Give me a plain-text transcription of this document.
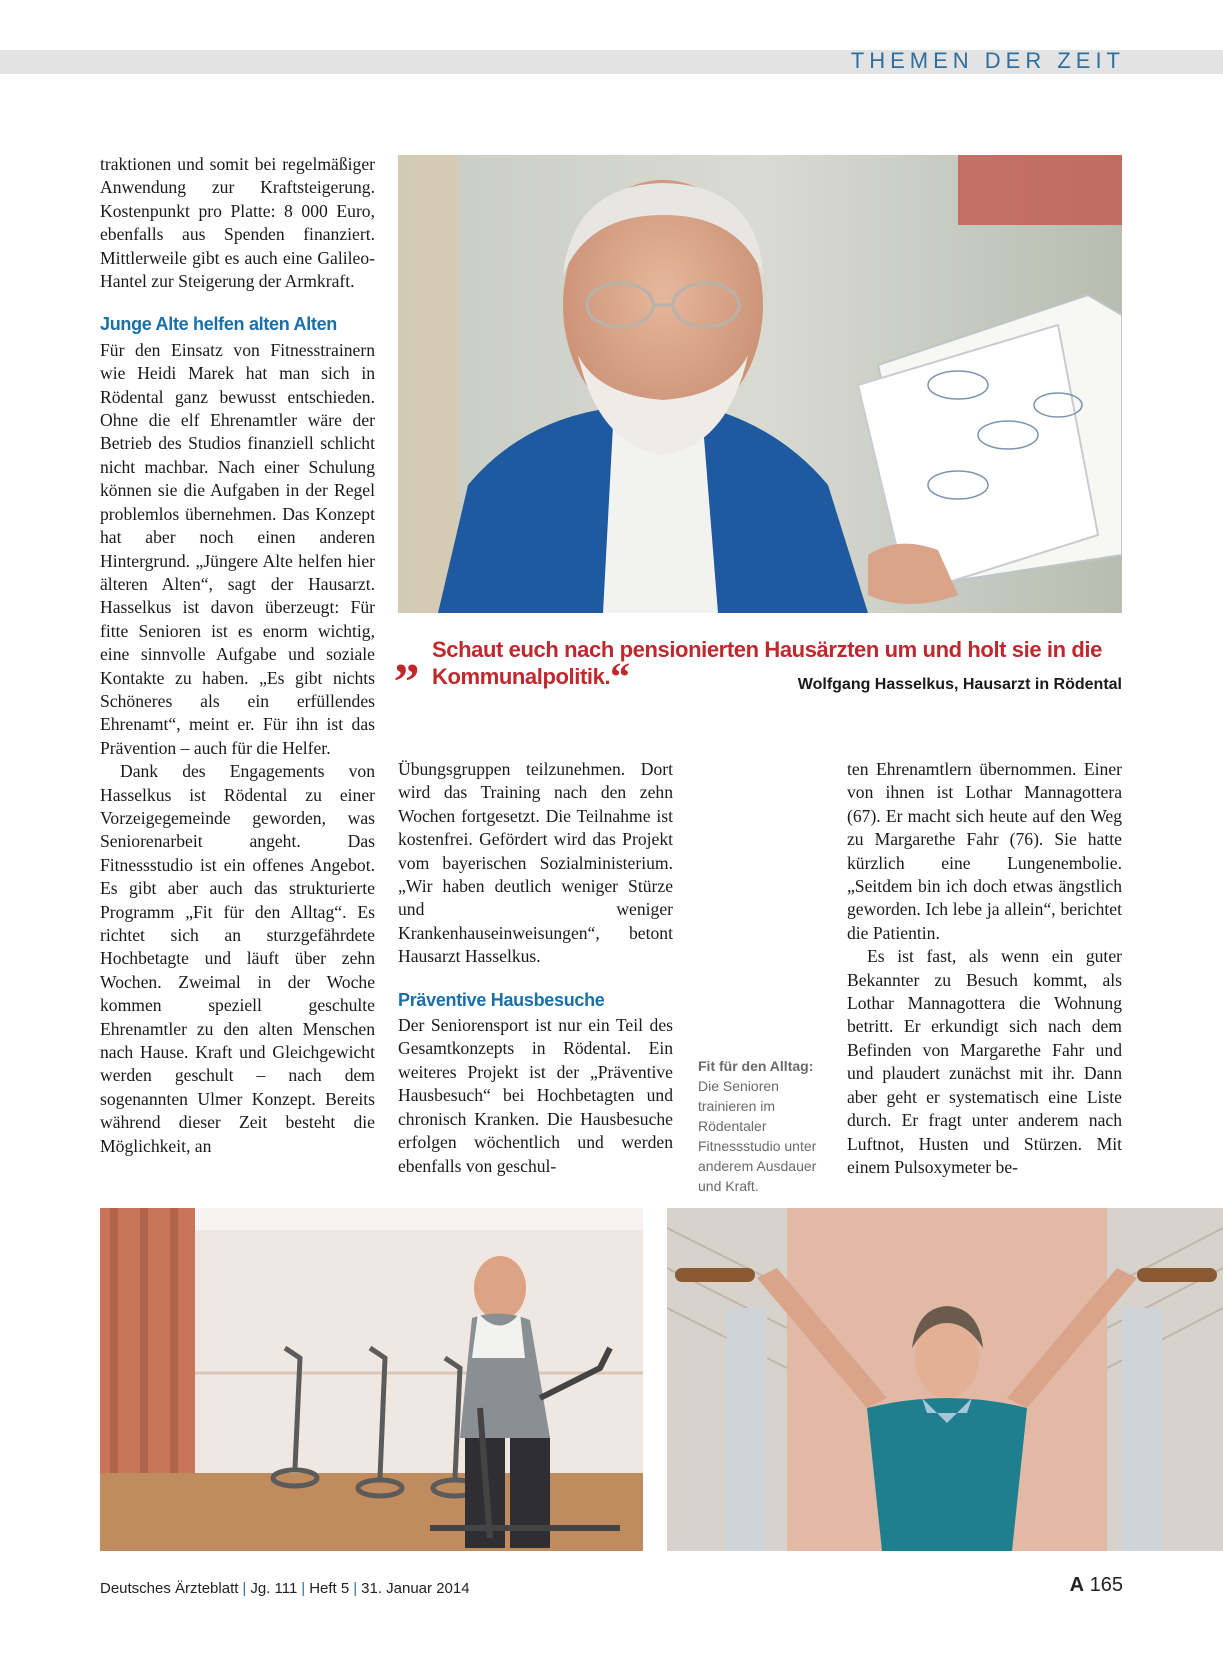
THEMEN DER ZEIT

traktionen und somit bei regelmäßiger Anwendung zur Kraftsteigerung. Kostenpunkt pro Platte: 8 000 Euro, ebenfalls aus Spenden finanziert. Mittlerweile gibt es auch eine Galileo-Hantel zur Steigerung der Armkraft.

Junge Alte helfen alten Alten

Für den Einsatz von Fitnesstrainern wie Heidi Marek hat man sich in Rödental ganz bewusst entschieden. Ohne die elf Ehrenamtler wäre der Betrieb des Studios finanziell schlicht nicht machbar. Nach einer Schulung können sie die Aufgaben in der Regel problemlos übernehmen. Das Konzept hat aber noch einen anderen Hintergrund. „Jüngere Alte helfen hier älteren Alten“, sagt der Hausarzt. Hasselkus ist davon überzeugt: Für fitte Senioren ist es enorm wichtig, eine sinnvolle Aufgabe und soziale Kontakte zu haben. „Es gibt nichts Schöneres als ein erfüllendes Ehrenamt“, meint er. Für ihn ist das Prävention – auch für die Helfer.

Dank des Engagements von Hasselkus ist Rödental zu einer Vorzeigegemeinde geworden, was Seniorenarbeit angeht. Das Fitnessstudio ist ein offenes Angebot. Es gibt aber auch das strukturierte Programm „Fit für den Alltag“. Es richtet sich an sturzgefährdete Hochbetagte und läuft über zehn Wochen. Zweimal in der Woche kommen speziell geschulte Ehrenamtler zu den alten Menschen nach Hause. Kraft und Gleichgewicht werden geschult – nach dem sogenannten Ulmer Konzept. Bereits während dieser Zeit besteht die Möglichkeit, an

„ Schaut euch nach pensionierten Hausärzten um und holt sie in die Kommunalpolitik.“	Wolfgang Hasselkus, Hausarzt in Rödental

Übungsgruppen teilzunehmen. Dort wird das Training nach den zehn Wochen fortgesetzt. Die Teilnahme ist kostenfrei. Gefördert wird das Projekt vom bayerischen Sozialministerium. „Wir haben deutlich weniger Stürze und weniger Krankenhauseinweisungen“, betont Hausarzt Hasselkus.

Präventive Hausbesuche

Der Seniorensport ist nur ein Teil des Gesamtkonzepts in Rödental. Ein weiteres Projekt ist der „Präventive Hausbesuch“ bei Hochbetagten und chronisch Kranken. Die Hausbesuche erfolgen wöchentlich und werden ebenfalls von geschul-

Fit für den Alltag:
Die Senioren trainieren im Rödentaler Fitnessstudio unter anderem Ausdauer und Kraft.

ten Ehrenamtlern übernommen. Einer von ihnen ist Lothar Mannagottera (67). Er macht sich heute auf den Weg zu Margarethe Fahr (76). Sie hatte kürzlich eine Lungenembolie. „Seitdem bin ich doch etwas ängstlich geworden. Ich lebe ja allein“, berichtet die Patientin.

Es ist fast, als wenn ein guter Bekannter zu Besuch kommt, als Lothar Mannagottera die Wohnung betritt. Er erkundigt sich nach dem Befinden von Margarethe Fahr und und plaudert zunächst mit ihr. Dann aber geht er systematisch eine Liste durch. Er fragt unter anderem nach Luftnot, Husten und Stürzen. Mit einem Pulsoxymeter be-

Deutsches Ärzteblatt | Jg. 111 | Heft 5 | 31. Januar 2014	A 165
